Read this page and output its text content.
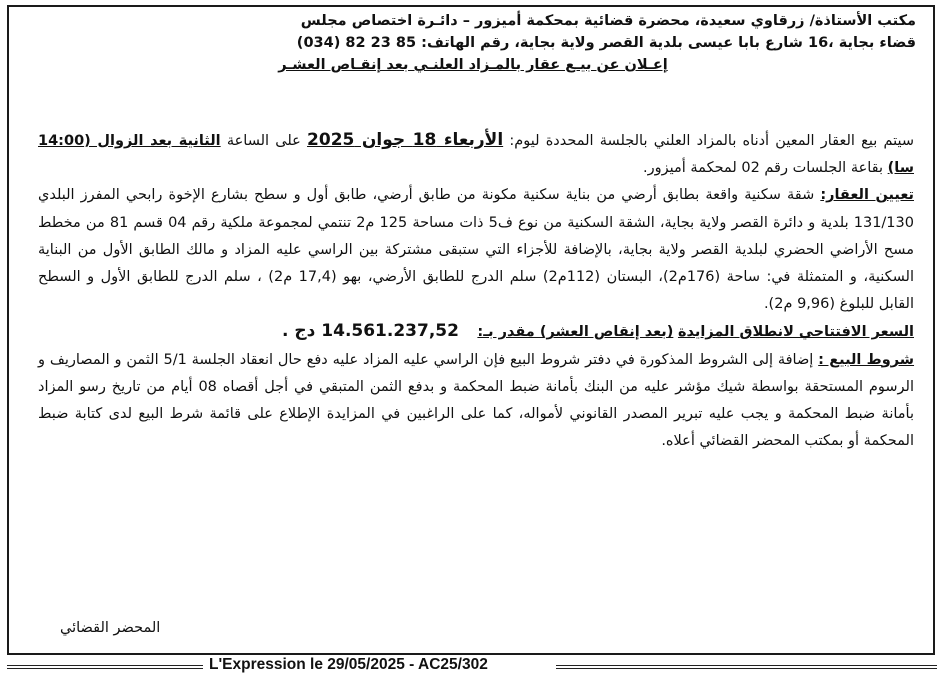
مكتب الأستاذة/ زرقاوي سعيدة، محضرة قضائية بمحكمة أميزور – دائـرة اختصاص مجلس
قضاء بجاية ،16 شارع بابا عيسى بلدية القصر ولاية بجاية، رقم الهاتف: 85 23 82 (034)
إعـلان عن بيـع عقار بالمـزاد العلنـي بعد إنقـاص العشـر

سيتم بيع العقار المعين أدناه بالمزاد العلني بالجلسة المحددة ليوم: الأربعاء 18 جوان 2025 على الساعة الثانية بعد الزوال (14:00 سا) بقاعة الجلسات رقم 02 لمحكمة أميزور.

تعيين العقار: شقة سكنية واقعة بطابق أرضي من بناية سكنية مكونة من طابق أرضي، طابق أول و سطح بشارع الإخوة رابحي المفرز البلدي 131/130 بلدية و دائرة القصر ولاية بجاية، الشقة السكنية من نوع ف5 ذات مساحة 125 م2 تنتمي لمجموعة ملكية رقم 04 قسم 81 من مخطط مسح الأراضي الحضري لبلدية القصر ولاية بجاية، بالإضافة للأجزاء التي ستبقى مشتركة بين الراسي عليه المزاد و مالك الطابق الأول من البناية السكنية، و المتمثلة في: ساحة (176م2)، البستان (112م2) سلم الدرج للطابق الأرضي، بهو (17,4 م2) ، سلم الدرج للطابق الأول و السطح القابل للبلوغ (9,96 م2).

السعر الافتتاحي لانطلاق المزايدة (بعد إنقاص العشر) مقدر بـ:    14.561.237,52 دج .

شروط البيع : إضافة إلى الشروط المذكورة في دفتر شروط البيع فإن الراسي عليه المزاد عليه دفع حال انعقاد الجلسة 5/1 الثمن و المصاريف و الرسوم المستحقة بواسطة شيك مؤشر عليه من البنك بأمانة ضبط المحكمة و بدفع الثمن المتبقي في أجل أقصاه 08 أيام من تاريخ رسو المزاد بأمانة ضبط المحكمة و يجب عليه تبرير المصدر القانوني لأمواله، كما على الراغبين في المزايدة الإطلاع على قائمة شرط البيع لدى كتابة ضبط المحكمة أو بمكتب المحضر القضائي أعلاه.

المحضر القضائي
L'Expression le 29/05/2025 - AC25/302
